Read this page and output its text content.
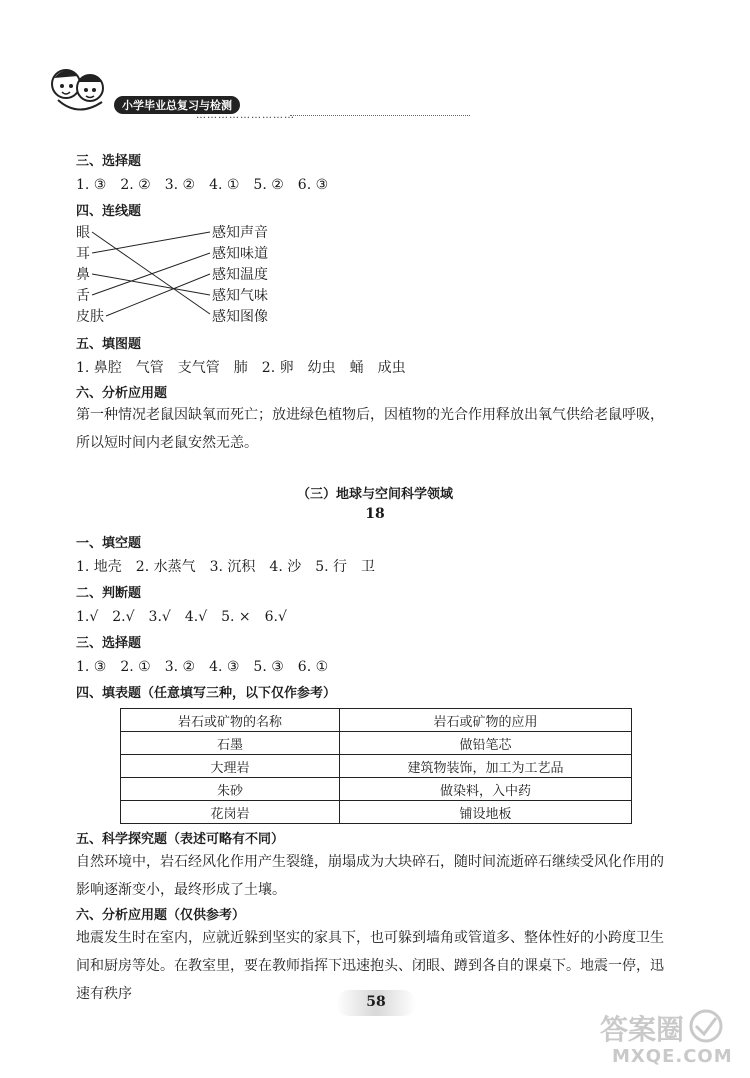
小学毕业总复习与检测
………………………
三、选择题
1. ③　2. ②　3. ②　4. ①　5. ②　6. ③
四、连线题
眼
耳
鼻
舌
皮肤
感知声音
感知味道
感知温度
感知气味
感知图像
五、填图题
1. 鼻腔　气管　支气管　肺　2. 卵　幼虫　蛹　成虫
六、分析应用题
第一种情况老鼠因缺氧而死亡；放进绿色植物后，因植物的光合作用释放出氧气供给老鼠呼吸，所以短时间内老鼠安然无恙。
（三）地球与空间科学领域
18
一、填空题
1. 地壳　2. 水蒸气　3. 沉积　4. 沙　5. 行　卫
二、判断题
1.√　2.√　3.√　4.√　5. ×　6.√
三、选择题
1. ③　2. ①　3. ②　4. ③　5. ③　6. ①
四、填表题（任意填写三种，以下仅作参考）
岩石或矿物的名称	岩石或矿物的应用
石墨	做铅笔芯
大理岩	建筑物装饰，加工为工艺品
朱砂	做染料，入中药
花岗岩	铺设地板
五、科学探究题（表述可略有不同）
自然环境中，岩石经风化作用产生裂缝，崩塌成为大块碎石，随时间流逝碎石继续受风化作用的影响逐渐变小，最终形成了土壤。
六、分析应用题（仅供参考）
地震发生时在室内，应就近躲到坚实的家具下，也可躲到墙角或管道多、整体性好的小跨度卫生间和厨房等处。在教室里，要在教师指挥下迅速抱头、闭眼、蹲到各自的课桌下。地震一停，迅速有秩序	58
答案圈
MXQE.COM
